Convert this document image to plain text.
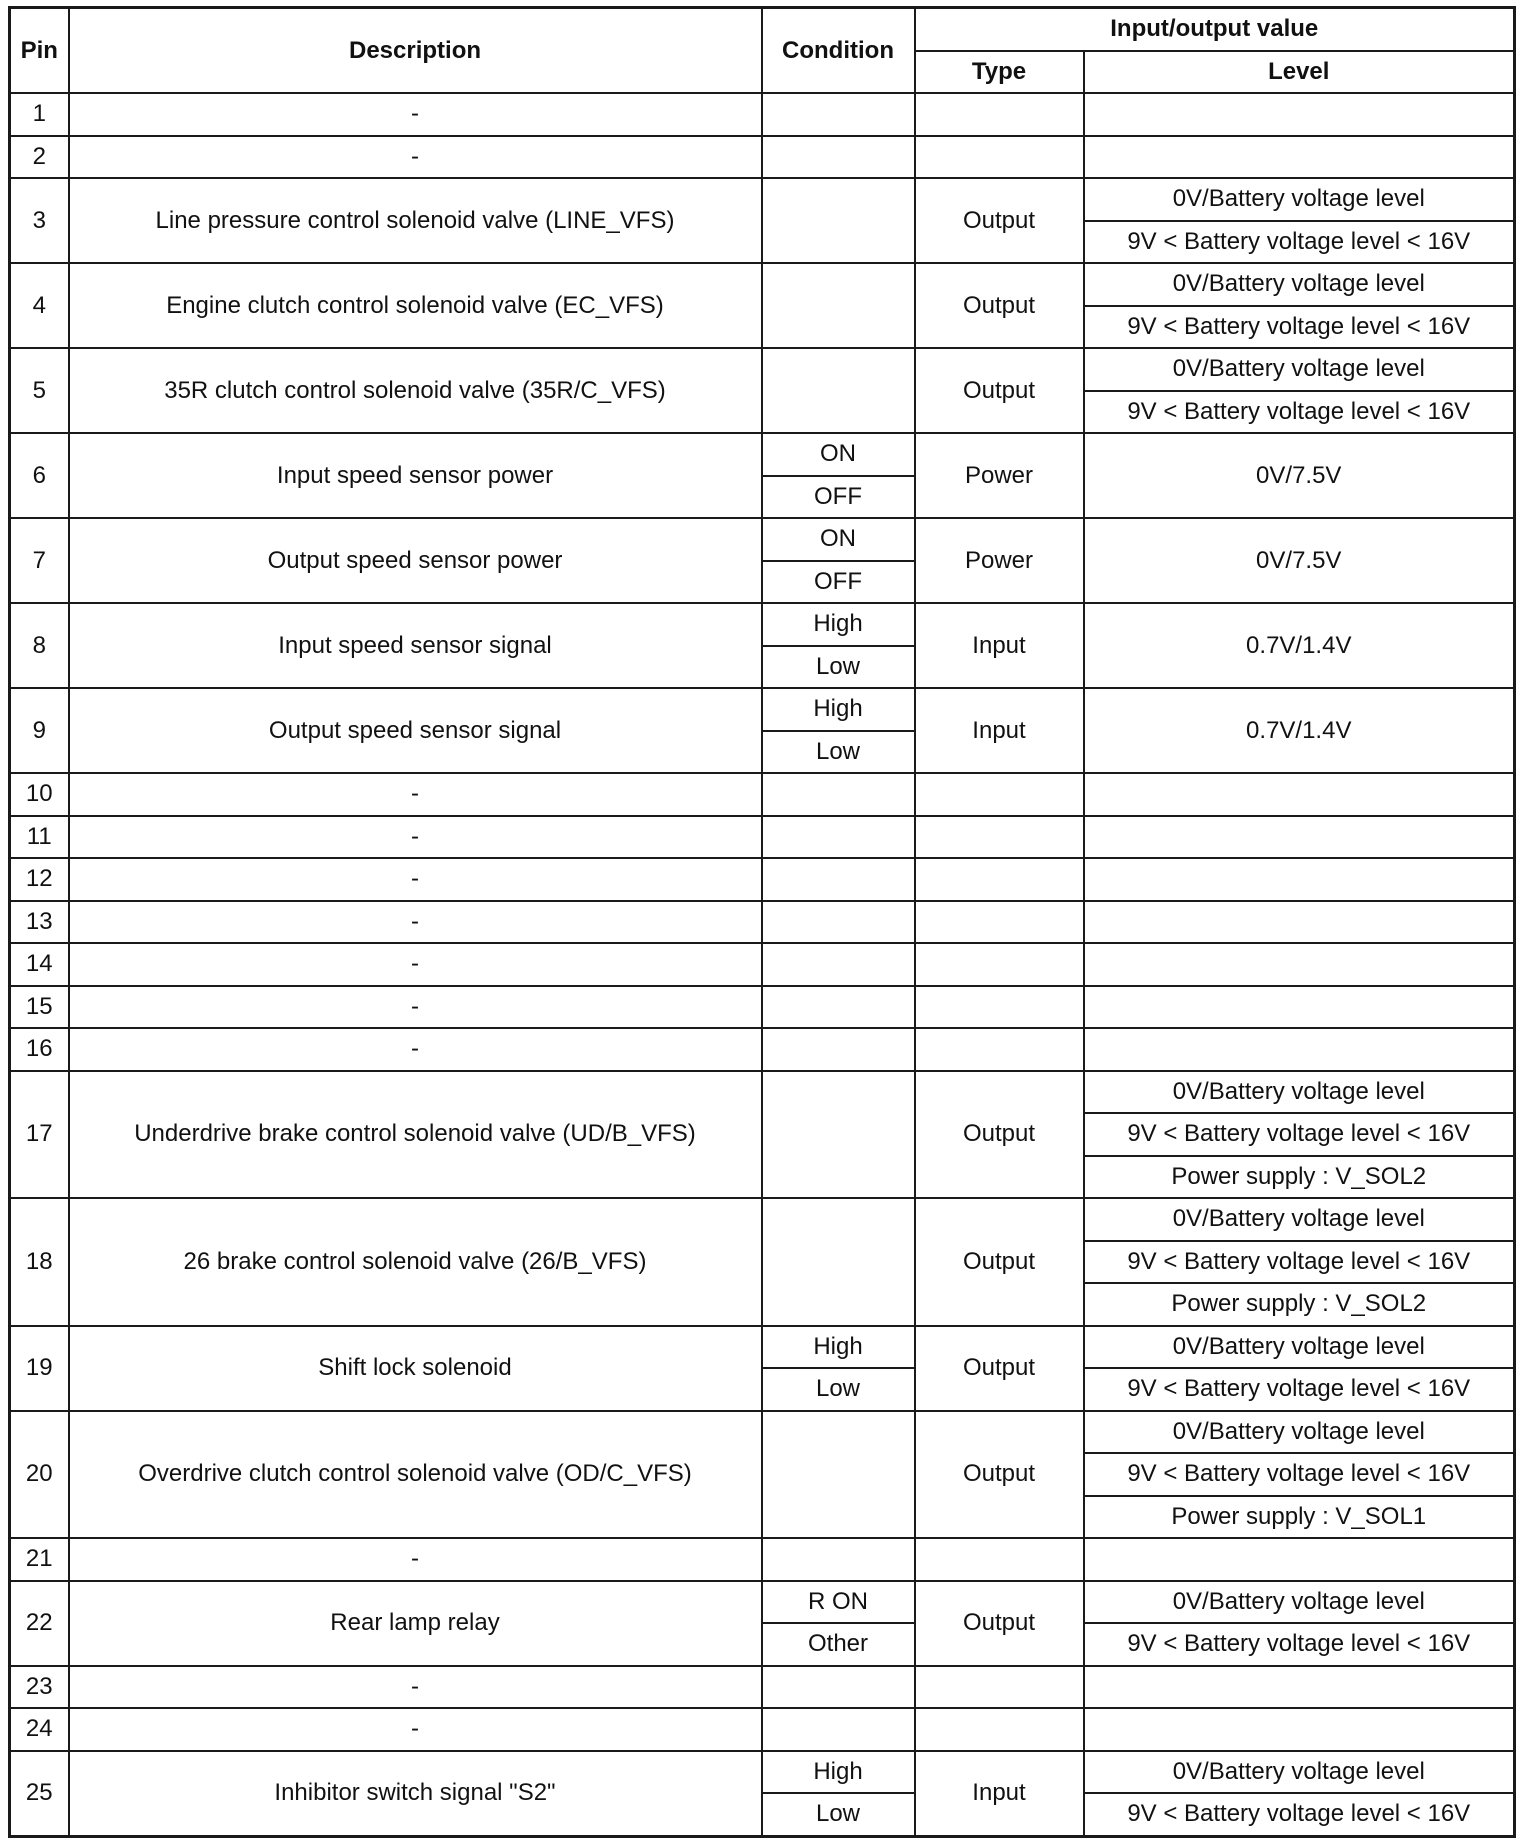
Pin	Description	Condition	Input/output value	
			Type	Level
1	-			
2	-			
3	Line pressure control solenoid valve (LINE_VFS)		Output	0V/Battery voltage level
				9V < Battery voltage level < 16V
4	Engine clutch control solenoid valve (EC_VFS)		Output	0V/Battery voltage level
				9V < Battery voltage level < 16V
5	35R clutch control solenoid valve (35R/C_VFS)		Output	0V/Battery voltage level
				9V < Battery voltage level < 16V
6	Input speed sensor power	ON	Power	0V/7.5V
		OFF		
7	Output speed sensor power	ON	Power	0V/7.5V
		OFF		
8	Input speed sensor signal	High	Input	0.7V/1.4V
		Low		
9	Output speed sensor signal	High	Input	0.7V/1.4V
		Low		
10	-			
11	-			
12	-			
13	-			
14	-			
15	-			
16	-			
17	Underdrive brake control solenoid valve (UD/B_VFS)		Output	0V/Battery voltage level
				9V < Battery voltage level < 16V
				Power supply : V_SOL2
18	26 brake control solenoid valve (26/B_VFS)		Output	0V/Battery voltage level
				9V < Battery voltage level < 16V
				Power supply : V_SOL2
19	Shift lock solenoid	High	Output	0V/Battery voltage level
		Low		9V < Battery voltage level < 16V
20	Overdrive clutch control solenoid valve (OD/C_VFS)		Output	0V/Battery voltage level
				9V < Battery voltage level < 16V
				Power supply : V_SOL1
21	-			
22	Rear lamp relay	R ON	Output	0V/Battery voltage level
		Other		9V < Battery voltage level < 16V
23	-			
24	-			
25	Inhibitor switch signal "S2"	High	Input	0V/Battery voltage level
		Low		9V < Battery voltage level < 16V
